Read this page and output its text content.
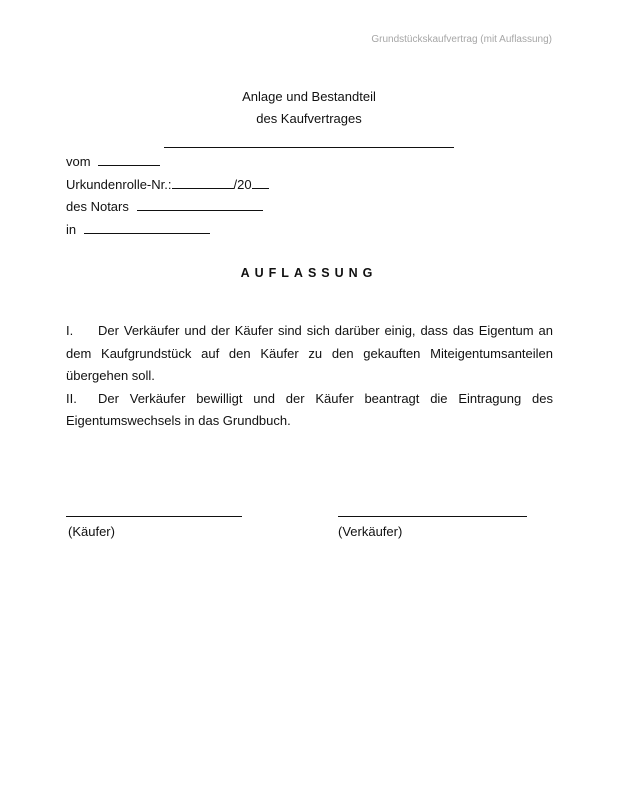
Grundstückskaufvertrag (mit Auflassung)
Anlage und Bestandteil
des Kaufvertrages
vom
Urkundenrolle-Nr.:	/20
des Notars
in
AUFLASSUNG

I. Der Verkäufer und der Käufer sind sich darüber einig, dass das Eigentum an dem Kaufgrundstück auf den Käufer zu den gekauften Miteigentumsanteilen übergehen soll.

II. Der Verkäufer bewilligt und der Käufer beantragt die Eintragung des Eigentumswechsels in das Grundbuch.

(Käufer)	(Verkäufer)
